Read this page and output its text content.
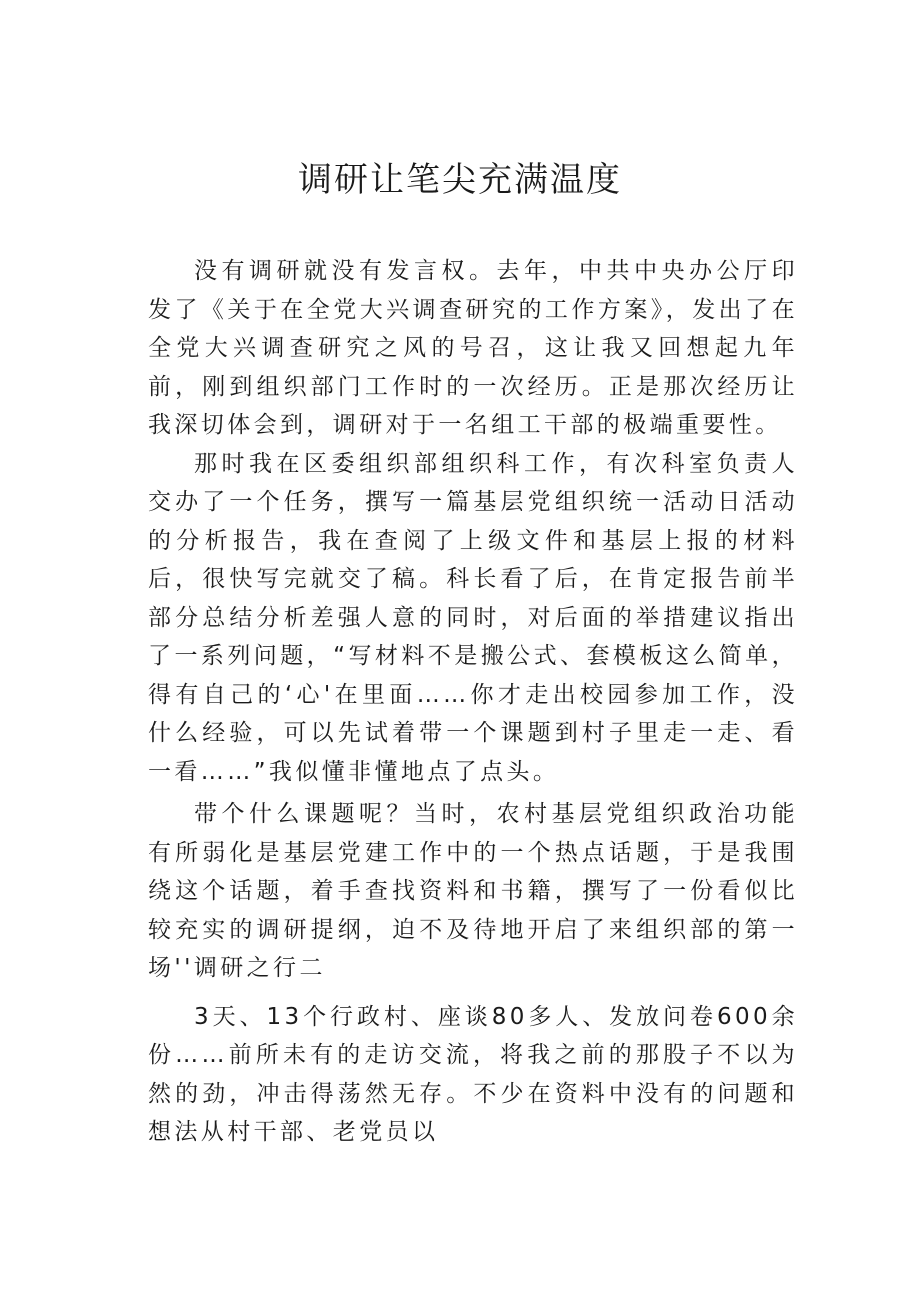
调研让笔尖充满温度

没有调研就没有发言权。去年，中共中央办公厅印发了《关于在全党大兴调查研究的工作方案》，发出了在全党大兴调查研究之风的号召，这让我又回想起九年前，刚到组织部门工作时的一次经历。正是那次经历让我深切体会到，调研对于一名组工干部的极端重要性。

那时我在区委组织部组织科工作，有次科室负责人交办了一个任务，撰写一篇基层党组织统一活动日活动的分析报告，我在查阅了上级文件和基层上报的材料后，很快写完就交了稿。科长看了后，在肯定报告前半部分总结分析差强人意的同时，对后面的举措建议指出了一系列问题，“写材料不是搬公式、套模板这么简单，得有自己的‘心'在里面……你才走出校园参加工作，没什么经验，可以先试着带一个课题到村子里走一走、看一看……”我似懂非懂地点了点头。

带个什么课题呢？当时，农村基层党组织政治功能有所弱化是基层党建工作中的一个热点话题，于是我围绕这个话题，着手查找资料和书籍，撰写了一份看似比较充实的调研提纲，迫不及待地开启了来组织部的第一场''调研之行二

3天、13个行政村、座谈80多人、发放问卷600余份……前所未有的走访交流，将我之前的那股子不以为然的劲，冲击得荡然无存。不少在资料中没有的问题和想法从村干部、老党员以
